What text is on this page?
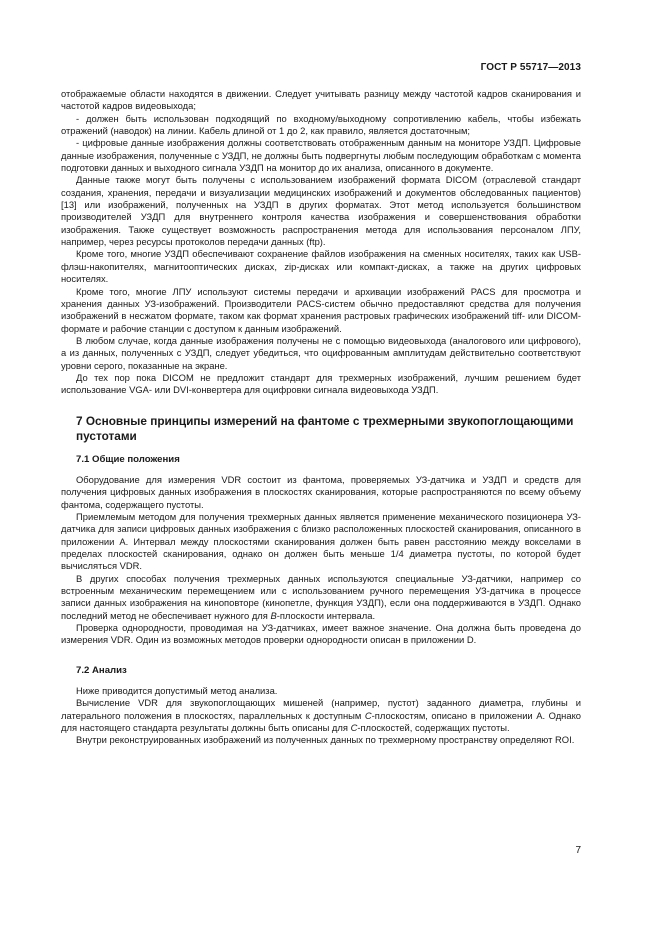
ГОСТ Р 55717—2013

отображаемые области находятся в движении. Следует учитывать разницу между частотой кадров сканирования и частотой кадров видеовыхода;

- должен быть использован подходящий по входному/выходному сопротивлению кабель, чтобы избежать отражений (наводок) на линии. Кабель длиной от 1 до 2, как правило, является достаточным;

- цифровые данные изображения должны соответствовать отображенным данным на мониторе УЗДП. Цифровые данные изображения, полученные с УЗДП, не должны быть подвергнуты любым последующим обработкам с момента подготовки данных и выходного сигнала УЗДП на монитор до их анализа, описанного в документе.

Данные также могут быть получены с использованием изображений формата DICOM (отраслевой стандарт создания, хранения, передачи и визуализации медицинских изображений и документов обследованных пациентов) [13] или изображений, полученных на УЗДП в других форматах. Этот метод используется большинством производителей УЗДП для внутреннего контроля качества изображения и совершенствования обработки изображения. Также существует возможность распространения метода для использования персоналом ЛПУ, например, через ресурсы протоколов передачи данных (ftp).

Кроме того, многие УЗДП обеспечивают сохранение файлов изображения на сменных носителях, таких как USB-флэш-накопителях, магнитооптических дисках, zip-дисках или компакт-дисках, а также на других цифровых носителях.

Кроме того, многие ЛПУ используют системы передачи и архивации изображений PACS для просмотра и хранения данных УЗ-изображений. Производители PACS-систем обычно предоставляют средства для получения изображений в несжатом формате, таком как формат хранения растровых графических изображений tiff- или DICOM-формате и рабочие станции с доступом к данным изображений.

В любом случае, когда данные изображения получены не с помощью видеовыхода (аналогового или цифрового), а из данных, полученных с УЗДП, следует убедиться, что оцифрованным амплитудам действительно соответствуют уровни серого, показанные на экране.

До тех пор пока DICOM не предложит стандарт для трехмерных изображений, лучшим решением будет использование VGA- или DVI-конвертера для оцифровки сигнала видеовыхода УЗДП.

7 Основные принципы измерений на фантоме с трехмерными звукопоглощающими пустотами
7.1 Общие положения

Оборудование для измерения VDR состоит из фантома, проверяемых УЗ-датчика и УЗДП и средств для получения цифровых данных изображения в плоскостях сканирования, которые распространяются по всему объему фантома, содержащего пустоты.

Приемлемым методом для получения трехмерных данных является применение механического позиционера УЗ-датчика для записи цифровых данных изображения с близко расположенных плоскостей сканирования, описанного в приложении А. Интервал между плоскостями сканирования должен быть равен расстоянию между вокселами в пределах плоскостей сканирования, однако он должен быть меньше 1/4 диаметра пустоты, по которой будет вычисляться VDR.

В других способах получения трехмерных данных используются специальные УЗ-датчики, например со встроенным механическим перемещением или с использованием ручного перемещения УЗ-датчика в процессе записи данных изображения на киноповторе (кинопетле, функция УЗДП), если она поддерживаются в УЗДП. Однако последний метод не обеспечивает нужного для B-плоскости интервала.

Проверка однородности, проводимая на УЗ-датчиках, имеет важное значение. Она должна быть проведена до измерения VDR. Один из возможных методов проверки однородности описан в приложении D.

7.2 Анализ

Ниже приводится допустимый метод анализа.

Вычисление VDR для звукопоглощающих мишеней (например, пустот) заданного диаметра, глубины и латерального положения в плоскостях, параллельных к доступным C-плоскостям, описано в приложении А. Однако для настоящего стандарта результаты должны быть описаны для C-плоскостей, содержащих пустоты.

Внутри реконструированных изображений из полученных данных по трехмерному пространству определяют ROI.

7
